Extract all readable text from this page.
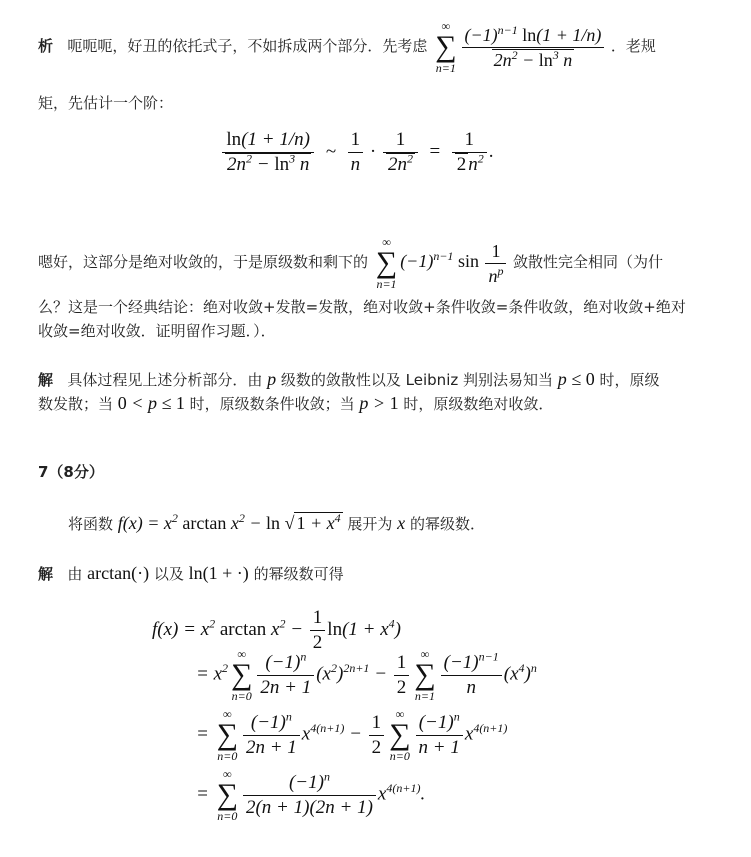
析 呃呃呃，好丑的依托式子，不如拆成两个部分．先考虑
∞
∑
$n=1 \frac{(-1)^{n-1} \ln(1 + 1/n)}{2n^2 - \ln^3 n}$ ．老规
矩，先估计一个阶：
$\frac{\ln(1 + 1/n)}{2n^2 - \ln^3 n}$ ~ $\frac{1}{n} \cdot \frac{1}{2n^2} = \frac{1}{2 n^2}$ .
嗯好，这部分是绝对收敛的，于是原级数和剩下的
∞
∑
n=1
$(-1)^{n-1}$ $\sin \frac{1}{n^p}$ 敛散性完全相同（为什
么？这是一个经典结论：绝对收敛+发散=发散，绝对收敛+条件收敛=条件收敛，绝对收敛+绝对
收敛=绝对收敛．证明留作习题．）．
解 具体过程见上述分析部分．由 p 级数的敛散性以及 Leibniz 判别法易知当 p ≤ 0 时，原级
数发散；当 0 < p ≤ 1 时，原级数条件收敛；当 p > 1 时，原级数绝对收敛．
7（8分）
将函数 $f(x) = x^2$ $\arctan x^2 - \ln$ √ $1 + x^4$ 展开为 x 的幂级数．
解 由 arctan(·) 以及 ln(1 + ·) 的幂级数可得
$f(x) = x^2$ $\arctan x^2 - \frac{1}{2} \ln(1 + x^4)$
= $x^2$
∞
∑
$n=0 \frac{(-1)^n}{2n + 1} (x^2)^{2n+1} - \frac{1}{2}$ ∞
∑
$n=1 \frac{(-1)^{n-1}}{n} (x^4)^n$
=
∞
∑
$n=0 \frac{(-1)^n}{2n + 1} x^{4(n+1)} - \frac{1}{2}$ ∞
∑
$n=0 \frac{(-1)^n}{n + 1} x^{4(n+1)}$
=
∞
∑
$n=0 \frac{(-1)^n}{2(n + 1)(2n + 1)} x^{4(n+1)}$.
